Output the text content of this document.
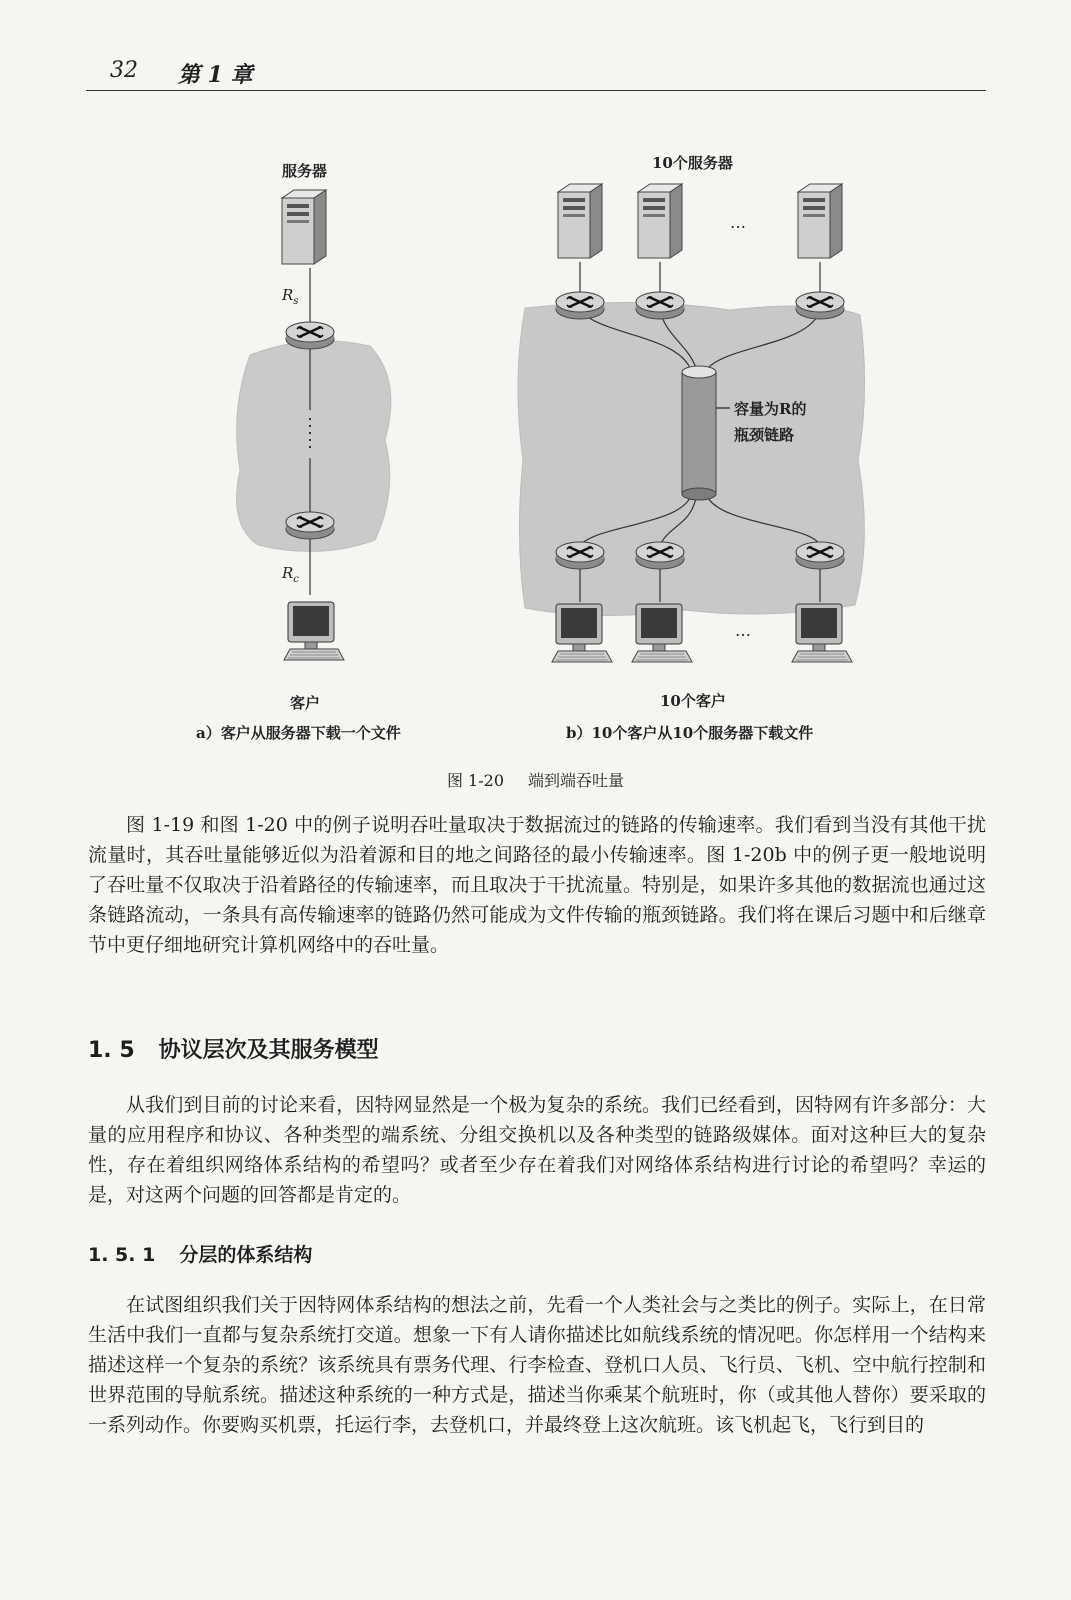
32 第 1 章
服务器
$R_s$
$R_c$
客户
10个服务器
…
容量为R的
瓶颈链路
…
10个客户
a）客户从服务器下载一个文件	b）10个客户从10个服务器下载文件
图 1-20 端到端吞吐量

图 1-19 和图 1-20 中的例子说明吞吐量取决于数据流过的链路的传输速率。我们看到当没有其他干扰流量时，其吞吐量能够近似为沿着源和目的地之间路径的最小传输速率。图 1-20b 中的例子更一般地说明了吞吐量不仅取决于沿着路径的传输速率，而且取决于干扰流量。特别是，如果许多其他的数据流也通过这条链路流动，一条具有高传输速率的链路仍然可能成为文件传输的瓶颈链路。我们将在课后习题中和后继章节中更仔细地研究计算机网络中的吞吐量。

1. 5 协议层次及其服务模型

从我们到目前的讨论来看，因特网显然是一个极为复杂的系统。我们已经看到，因特网有许多部分：大量的应用程序和协议、各种类型的端系统、分组交换机以及各种类型的链路级媒体。面对这种巨大的复杂性，存在着组织网络体系结构的希望吗？或者至少存在着我们对网络体系结构进行讨论的希望吗？幸运的是，对这两个问题的回答都是肯定的。

1. 5. 1 分层的体系结构

在试图组织我们关于因特网体系结构的想法之前，先看一个人类社会与之类比的例子。实际上，在日常生活中我们一直都与复杂系统打交道。想象一下有人请你描述比如航线系统的情况吧。你怎样用一个结构来描述这样一个复杂的系统？该系统具有票务代理、行李检查、登机口人员、飞行员、飞机、空中航行控制和世界范围的导航系统。描述这种系统的一种方式是，描述当你乘某个航班时，你（或其他人替你）要采取的一系列动作。你要购买机票，托运行李，去登机口，并最终登上这次航班。该飞机起飞，飞行到目的
